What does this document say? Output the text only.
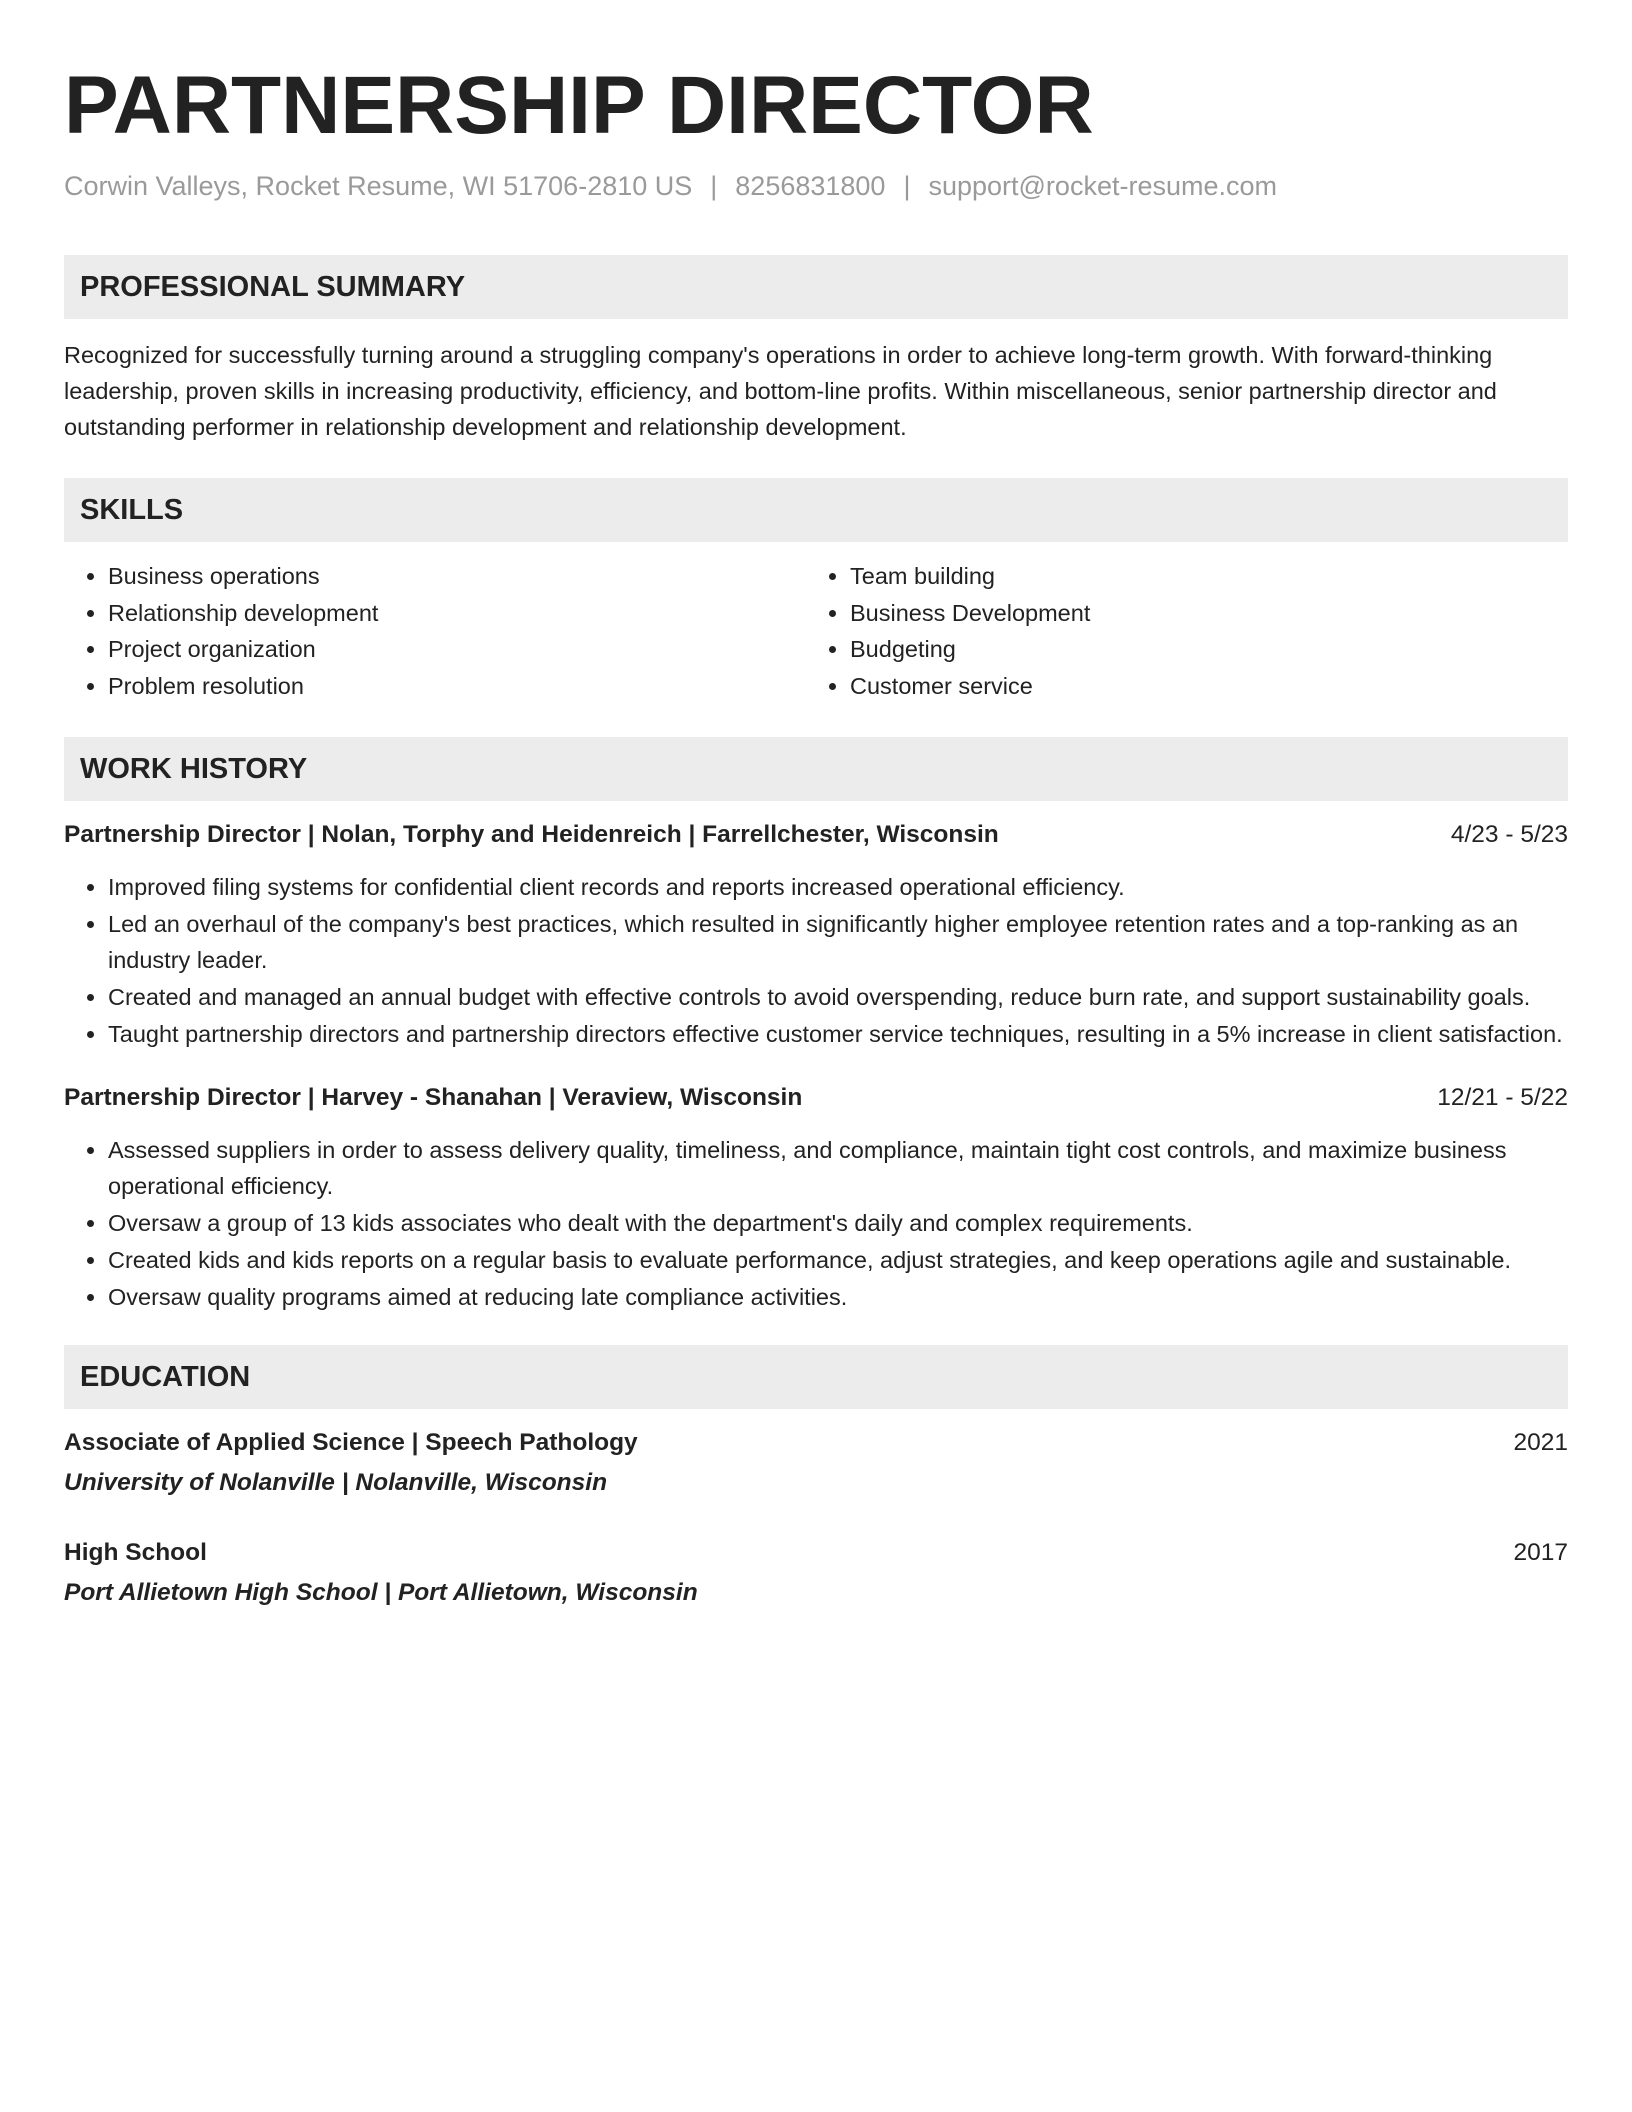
PARTNERSHIP DIRECTOR
Corwin Valleys, Rocket Resume, WI 51706-2810 US | 8256831800 | support@rocket-resume.com
PROFESSIONAL SUMMARY
Recognized for successfully turning around a struggling company's operations in order to achieve long-term growth. With forward-thinking leadership, proven skills in increasing productivity, efficiency, and bottom-line profits. Within miscellaneous, senior partnership director and outstanding performer in relationship development and relationship development.
SKILLS
• Business operations
• Relationship development
• Project organization
• Problem resolution
• Team building
• Business Development
• Budgeting
• Customer service
WORK HISTORY
Partnership Director | Nolan, Torphy and Heidenreich | Farrellchester, Wisconsin	4/23 - 5/23
• Improved filing systems for confidential client records and reports increased operational efficiency.
• Led an overhaul of the company's best practices, which resulted in significantly higher employee retention rates and a top-ranking as an industry leader.
• Created and managed an annual budget with effective controls to avoid overspending, reduce burn rate, and support sustainability goals.
• Taught partnership directors and partnership directors effective customer service techniques, resulting in a 5% increase in client satisfaction.
Partnership Director | Harvey - Shanahan | Veraview, Wisconsin	12/21 - 5/22
• Assessed suppliers in order to assess delivery quality, timeliness, and compliance, maintain tight cost controls, and maximize business operational efficiency.
• Oversaw a group of 13 kids associates who dealt with the department's daily and complex requirements.
• Created kids and kids reports on a regular basis to evaluate performance, adjust strategies, and keep operations agile and sustainable.
• Oversaw quality programs aimed at reducing late compliance activities.
EDUCATION
Associate of Applied Science | Speech Pathology	2021
University of Nolanville | Nolanville, Wisconsin
High School	2017
Port Allietown High School | Port Allietown, Wisconsin
